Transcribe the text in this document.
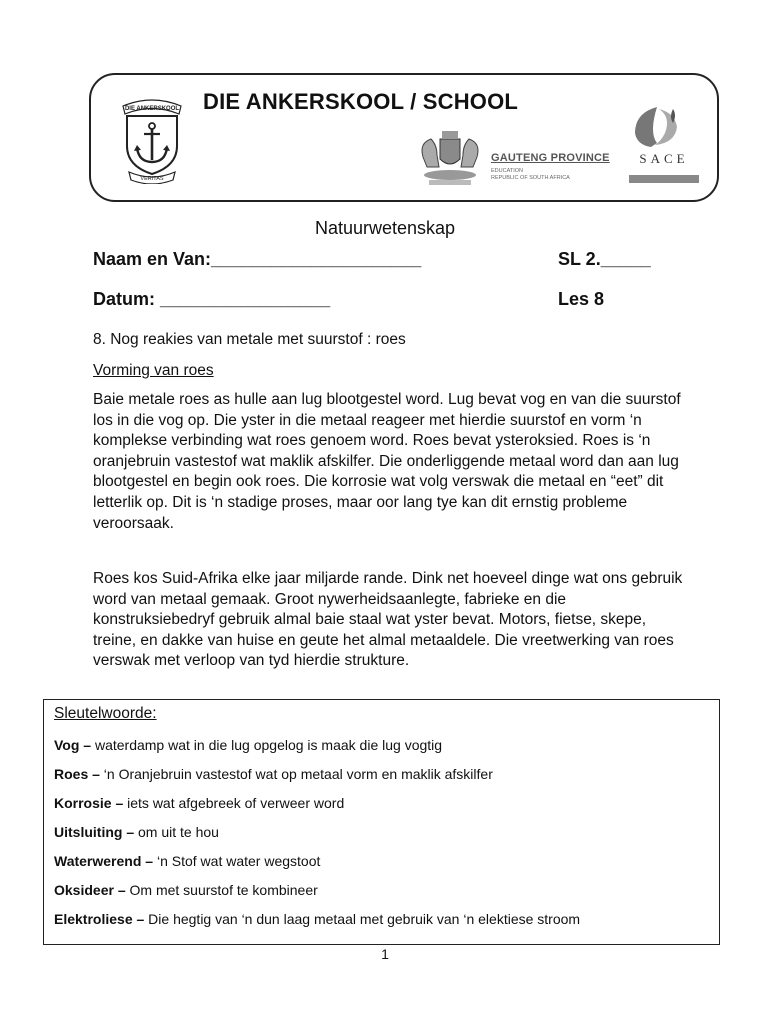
DIE ANKERSKOOL
VERITAS
DIE ANKERSKOOL / SCHOOL
GAUTENG PROVINCE
EDUCATION
REPUBLIC OF SOUTH AFRICA
SACE
Natuurwetenskap
Naam en Van:_____________________	SL 2._____
Datum: _________________	Les 8
8. Nog reakies van metale met suurstof : roes
Vorming van roes
Baie metale roes as hulle aan lug blootgestel word. Lug bevat vog en van die suurstof los in die vog op. Die yster in die metaal reageer met hierdie suurstof en vorm ‘n komplekse verbinding wat roes genoem word. Roes bevat ysteroksied. Roes is ‘n oranjebruin vastestof wat maklik afskilfer. Die onderliggende metaal word dan aan lug blootgestel en begin ook roes. Die korrosie wat volg verswak die metaal en “eet” dit letterlik op. Dit is ‘n stadige proses, maar oor lang tye kan dit ernstig probleme veroorsaak.
Roes kos Suid-Afrika elke jaar miljarde rande. Dink net hoeveel dinge wat ons gebruik word van metaal gemaak. Groot nywerheidsaanlegte, fabrieke en die konstruksiebedryf gebruik almal baie staal wat yster bevat. Motors, fietse, skepe, treine, en dakke van huise en geute het almal metaaldele. Die vreetwerking van roes verswak met verloop van tyd hierdie strukture.
Sleutelwoorde:
Vog – waterdamp wat in die lug opgelog is maak die lug vogtig
Roes – ‘n Oranjebruin vastestof wat op metaal vorm en maklik afskilfer
Korrosie – iets wat afgebreek of verweer word
Uitsluiting – om uit te hou
Waterwerend – ‘n Stof wat water wegstoot
Oksideer – Om met suurstof te kombineer
Elektroliese – Die hegtig van ‘n dun laag metaal met gebruik van ‘n elektiese stroom
1
